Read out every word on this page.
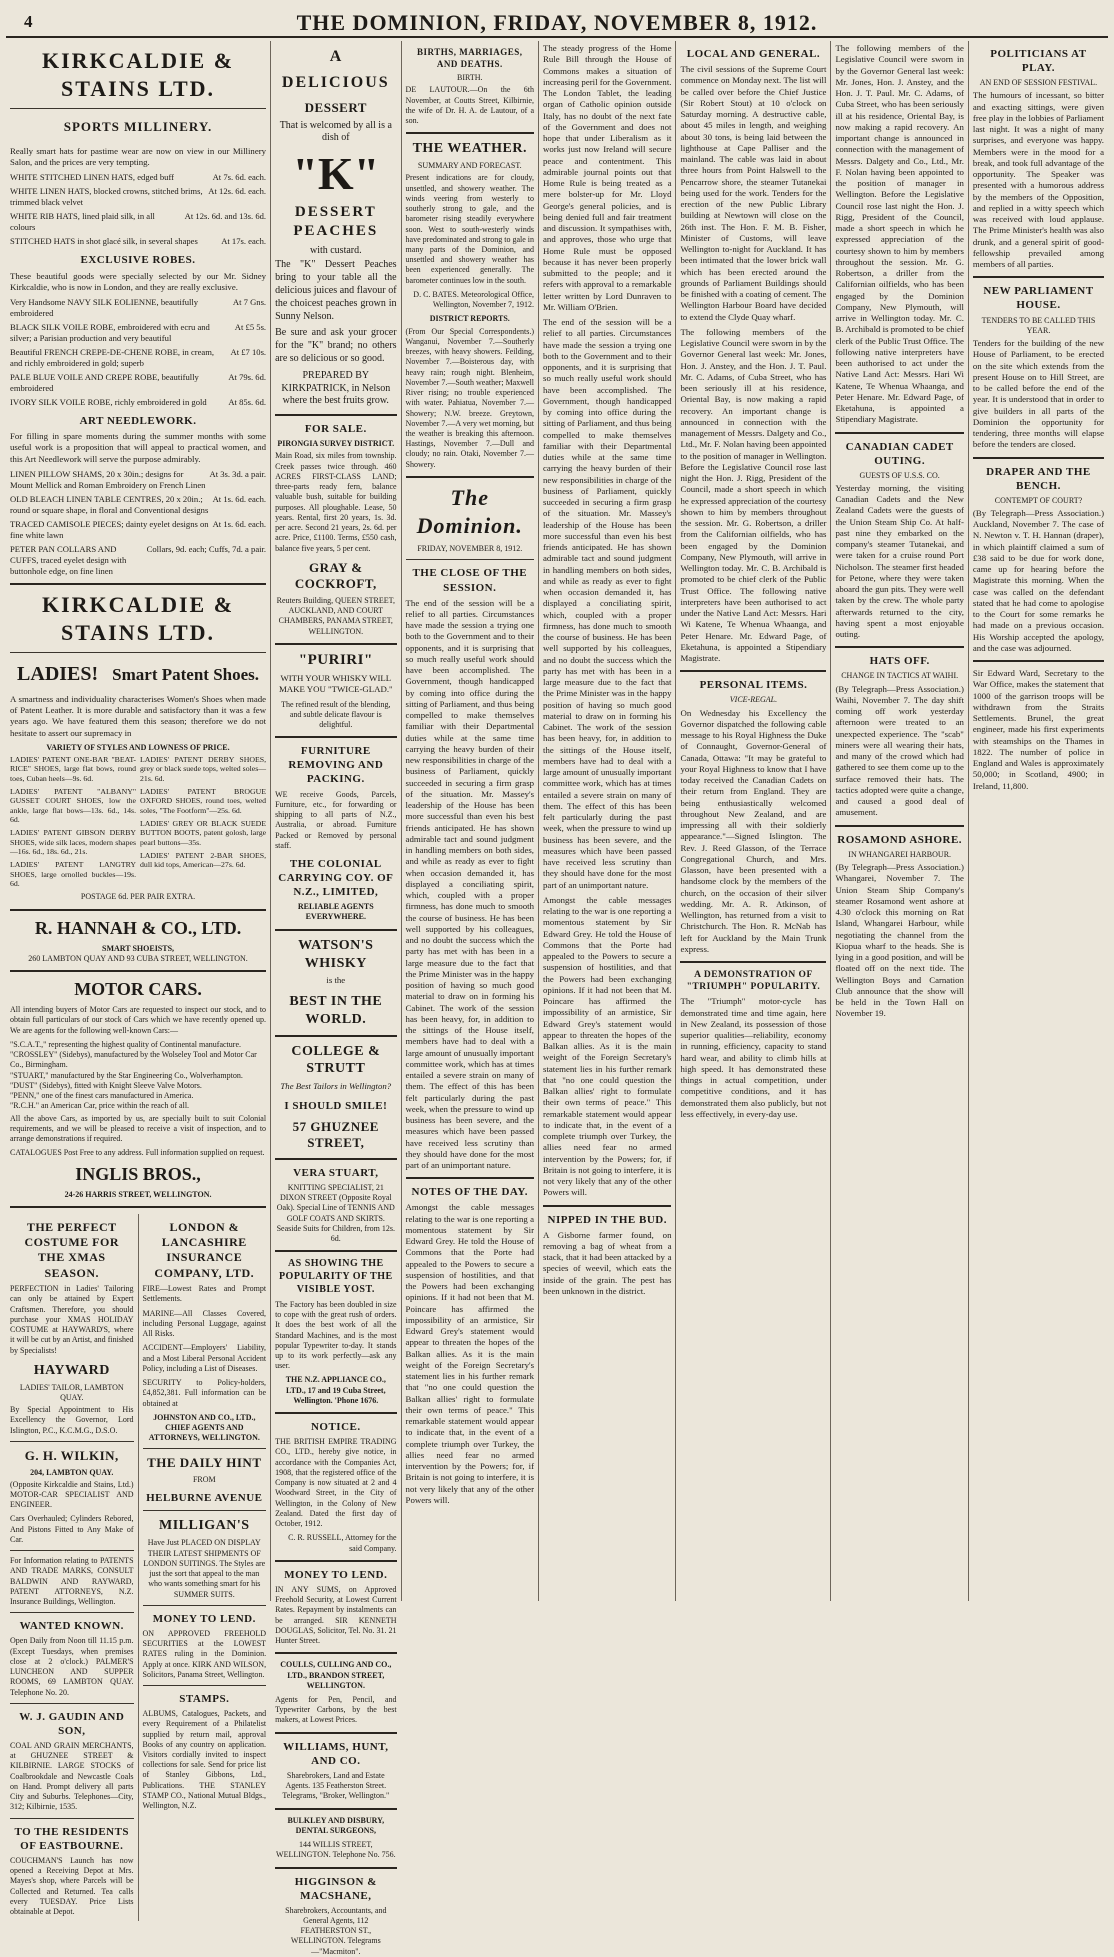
4	THE DOMINION, FRIDAY, NOVEMBER 8, 1912.
KIRKCALDIE & STAINS LTD.
SPORTS MILLINERY.

Really smart hats for pastime wear are now on view in our Millinery Salon, and the prices are very tempting.

WHITE STITCHED LINEN HATS, edged buff	At 7s. 6d. each.
WHITE LINEN HATS, blocked crowns, stitched brims, trimmed black velvet
At 12s. 6d. each.
WHITE RIB HATS, lined plaid silk, in all colours
At 12s. 6d. and 13s. 6d.
STITCHED HATS in shot glacé silk, in several shapes	At 17s. each.
EXCLUSIVE ROBES.

These beautiful goods were specially selected by our Mr. Sidney Kirkcaldie, who is now in London, and they are really exclusive.

Very Handsome NAVY SILK EOLIENNE, beautifully embroidered
At 7 Gns.
BLACK SILK VOILE ROBE, embroidered with ecru and silver; a Parisian production and very beautiful
At £5 5s.
Beautiful FRENCH CREPE-DE-CHENE ROBE, in cream, and richly embroidered in gold; superb
At £7 10s.
PALE BLUE VOILE AND CREPE ROBE, beautifully embroidered
At 79s. 6d.
IVORY SILK VOILE ROBE, richly embroidered in gold	At 85s. 6d.
ART NEEDLEWORK.

For filling in spare moments during the summer months with some useful work is a proposition that will appeal to practical women, and this Art Needlework will serve the purpose admirably.

LINEN PILLOW SHAMS, 20 x 30in.; designs for Mount Mellick and Roman Embroidery on French Linen
At 3s. 3d. a pair.
OLD BLEACH LINEN TABLE CENTRES, 20 x 20in.; round or square shape, in floral and Conventional designs
At 1s. 6d. each.
TRACED CAMISOLE PIECES; dainty eyelet designs on fine white lawn
At 1s. 6d. each.
PETER PAN COLLARS AND CUFFS, traced eyelet design with buttonhole edge, on fine linen
Collars, 9d. each; Cuffs, 7d. a pair.
KIRKCALDIE & STAINS LTD.
LADIES! Smart Patent Shoes.

A smartness and individuality characterises Women's Shoes when made of Patent Leather. It is more durable and satisfactory than it was a few years ago. We have featured them this season; therefore we do not hesitate to assert our supremacy in

VARIETY OF STYLES AND LOWNESS OF PRICE.

LADIES' PATENT ONE-BAR "BEAT-RICE" SHOES, large flat bows, round toes, Cuban heels—9s. 6d.

LADIES' PATENT "ALBANY" GUSSET COURT SHOES, low the ankle, large flat bows—13s. 6d., 14s. 6d.

LADIES' PATENT GIBSON DERBY SHOES, wide silk laces, modern shapes—16s. 6d., 18s. 6d., 21s.

LADIES' PATENT LANGTRY SHOES, large ornolled buckles—19s. 6d.

LADIES' PATENT DERBY SHOES, grey or black suede tops, welted soles—21s. 6d.

LADIES' PATENT BROGUE OXFORD SHOES, round toes, welted soles, "The Footform"—25s. 6d.

LADIES' GREY OR BLACK SUEDE BUTTON BOOTS, patent golosh, large pearl buttons—35s.

LADIES' PATENT 2-BAR SHOES, dull kid tops, American—27s. 6d.

POSTAGE 6d. PER PAIR EXTRA.
R. HANNAH & CO., LTD.
SMART SHOEISTS,
260 LAMBTON QUAY AND 93 CUBA STREET, WELLINGTON.
MOTOR CARS.

All intending buyers of Motor Cars are requested to inspect our stock, and to obtain full particulars of our stock of Cars which we have recently opened up. We are agents for the following well-known Cars:—

"S.C.A.T.," representing the highest quality of Continental manufacture.
"CROSSLEY" (Sidebys), manufactured by the Wolseley Tool and Motor Car Co., Birmingham.
"STUART," manufactured by the Star Engineering Co., Wolverhampton.
"DUST" (Sidebys), fitted with Knight Sleeve Valve Motors.
"PENN," one of the finest cars manufactured in America.
"R.C.H." an American Car, price within the reach of all.

All the above Cars, as imported by us, are specially built to suit Colonial requirements, and we will be pleased to receive a visit of inspection, and to arrange demonstrations if required.

CATALOGUES Post Free to any address. Full information supplied on request.

INGLIS BROS.,
24-26 HARRIS STREET, WELLINGTON.
THE PERFECT COSTUME FOR THE XMAS SEASON.

PERFECTION in Ladies' Tailoring can only be attained by Expert Craftsmen. Therefore, you should purchase your XMAS HOLIDAY COSTUME at HAYWARD'S, where it will be cut by an Artist, and finished by Specialists!

HAYWARD
LADIES' TAILOR, LAMBTON QUAY.

By Special Appointment to His Excellency the Governor, Lord Islington, P.C., K.C.M.G., D.S.O.

G. H. WILKIN,
204, LAMBTON QUAY.

(Opposite Kirkcaldie and Stains, Ltd.) MOTOR-CAR SPECIALIST AND ENGINEER.

Cars Overhauled; Cylinders Rebored, And Pistons Fitted to Any Make of Car.

For Information relating to PATENTS AND TRADE MARKS, CONSULT BALDWIN AND RAYWARD, PATENT ATTORNEYS, N.Z. Insurance Buildings, Wellington.

WANTED KNOWN.

Open Daily from Noon till 11.15 p.m. (Except Tuesdays, when premises close at 2 o'clock.) PALMER'S LUNCHEON AND SUPPER ROOMS, 69 LAMBTON QUAY. Telephone No. 20.

W. J. GAUDIN AND SON,

COAL AND GRAIN MERCHANTS, at GHUZNEE STREET & KILBIRNIE. LARGE STOCKS of Coalbrookdale and Newcastle Coals on Hand. Prompt delivery all parts City and Suburbs. Telephones—City, 312; Kilbirnie, 1535.

TO THE RESIDENTS OF EASTBOURNE.

COUCHMAN'S Launch has now opened a Receiving Depot at Mrs. Mayes's shop, where Parcels will be Collected and Returned. Tea calls every TUESDAY. Price Lists obtainable at Depot.

LONDON & LANCASHIRE INSURANCE COMPANY, LTD.

FIRE—Lowest Rates and Prompt Settlements.

MARINE—All Classes Covered, including Personal Luggage, against All Risks.

ACCIDENT—Employers' Liability, and a Most Liberal Personal Accident Policy, including a List of Diseases.

SECURITY to Policy-holders, £4,852,381. Full information can be obtained at

JOHNSTON AND CO., LTD., CHIEF AGENTS AND ATTORNEYS, WELLINGTON.

THE DAILY HINT
FROM
HELBURNE AVENUE
MILLIGAN'S

Have Just PLACED ON DISPLAY THEIR LATEST SHIPMENTS OF LONDON SUITINGS. The Styles are just the sort that appeal to the man who wants something smart for his SUMMER SUITS.

MONEY TO LEND.

ON APPROVED FREEHOLD SECURITIES at the LOWEST RATES ruling in the Dominion. Apply at once. KIRK AND WILSON, Solicitors, Panama Street, Wellington.

STAMPS.

ALBUMS, Catalogues, Packets, and every Requirement of a Philatelist supplied by return mail, approval Books of any country on application. Visitors cordially invited to inspect collections for sale. Send for price list of Stanley Gibbons, Ltd., Publications. THE STANLEY STAMP CO., National Mutual Bldgs., Wellington, N.Z.

A
DELICIOUS
DESSERT

That is welcomed by all is a dish of

"K"
DESSERT PEACHES
with custard.

The "K" Dessert Peaches bring to your table all the delicious juices and flavour of the choicest peaches grown in Sunny Nelson.

Be sure and ask your grocer for the "K" brand; no others are so delicious or so good.

PREPARED BY KIRKPATRICK, in Nelson where the best fruits grow.

FOR SALE.
PIRONGIA SURVEY DISTRICT.

Main Road, six miles from township. Creek passes twice through. 460 ACRES FIRST-CLASS LAND; three-parts ready fern, balance valuable bush, suitable for building purposes. All ploughable. Lease, 50 years. Rental, first 20 years, 1s. 3d. per acre. Second 21 years, 2s. 6d. per acre. Price, £1100. Terms, £550 cash, balance five years, 5 per cent.

GRAY & COCKROFT,

Reuters Building, QUEEN STREET, AUCKLAND, AND COURT CHAMBERS, PANAMA STREET, WELLINGTON.

"PURIRI"

WITH YOUR WHISKY WILL MAKE YOU "TWICE-GLAD."

The refined result of the blending, and subtle delicate flavour is delightful.

FURNITURE REMOVING AND PACKING.

WE receive Goods, Parcels, Furniture, etc., for forwarding or shipping to all parts of N.Z., Australia, or abroad. Furniture Packed or Removed by personal staff.

THE COLONIAL CARRYING COY. OF N.Z., LIMITED,
RELIABLE AGENTS EVERYWHERE.
WATSON'S WHISKY
is the
BEST IN THE WORLD.
COLLEGE & STRUTT
The Best Tailors in Wellington?
I SHOULD SMILE!
57 GHUZNEE STREET,
VERA STUART,

KNITTING SPECIALIST, 21 DIXON STREET (Opposite Royal Oak). Special Line of TENNIS AND GOLF COATS AND SKIRTS. Seaside Suits for Children, from 12s. 6d.

AS SHOWING THE POPULARITY OF THE VISIBLE YOST.

The Factory has been doubled in size to cope with the great rush of orders. It does the best work of all the Standard Machines, and is the most popular Typewriter to-day. It stands up to its work perfectly—ask any user.

THE N.Z. APPLIANCE CO., LTD., 17 and 19 Cuba Street, Wellington. 'Phone 1676.

NOTICE.

THE BRITISH EMPIRE TRADING CO., LTD., hereby give notice, in accordance with the Companies Act, 1908, that the registered office of the Company is now situated at 2 and 4 Woodward Street, in the City of Wellington, in the Colony of New Zealand. Dated the first day of October, 1912.

C. R. RUSSELL, Attorney for the said Company.

MONEY TO LEND.

IN ANY SUMS, on Approved Freehold Security, at Lowest Current Rates. Repayment by instalments can be arranged. SIR KENNETH DOUGLAS, Solicitor, Tel. No. 31. 21 Hunter Street.

COULLS, CULLING AND CO., LTD., BRANDON STREET, WELLINGTON.

Agents for Pen, Pencil, and Typewriter Carbons, by the best makers, at Lowest Prices.

WILLIAMS, HUNT, AND CO.

Sharebrokers, Land and Estate Agents. 135 Featherston Street. Telegrams, "Broker, Wellington."

BULKLEY AND DISBURY, DENTAL SURGEONS,

144 WILLIS STREET, WELLINGTON. Telephone No. 756.

HIGGINSON & MACSHANE,

Sharebrokers, Accountants, and General Agents, 112 FEATHERSTON ST., WELLINGTON. Telegrams—"Macmiton".

BIRTHS, MARRIAGES, AND DEATHS.
BIRTH.

DE LAUTOUR.—On the 6th November, at Coutts Street, Kilbirnie, the wife of Dr. H. A. de Lautour, of a son.

THE WEATHER.
SUMMARY AND FORECAST.

Present indications are for cloudy, unsettled, and showery weather. The winds veering from westerly to southerly strong to gale, and the barometer rising steadily everywhere soon. West to south-westerly winds have predominated and strong to gale in many parts of the Dominion, and unsettled and showery weather has been experienced generally. The barometer continues low in the south.

D. C. BATES. Meteorological Office, Wellington, November 7, 1912.

DISTRICT REPORTS.

(From Our Special Correspondents.) Wanganui, November 7.—Southerly breezes, with heavy showers. Feilding, November 7.—Boisterous day, with heavy rain; rough night. Blenheim, November 7.—South weather; Maxwell River rising; no trouble experienced with water. Pahiatua, November 7.—Showery; N.W. breeze. Greytown, November 7.—A very wet morning, but the weather is breaking this afternoon. Hastings, November 7.—Dull and cloudy; no rain. Otaki, November 7.—Showery.

The Dominion.
FRIDAY, NOVEMBER 8, 1912.
THE CLOSE OF THE SESSION.

The end of the session will be a relief to all parties. Circumstances have made the session a trying one both to the Government and to their opponents, and it is surprising that so much really useful work should have been accomplished. The Government, though handicapped by coming into office during the sitting of Parliament, and thus being compelled to make themselves familiar with their Departmental duties while at the same time carrying the heavy burden of their new responsibilities in charge of the business of Parliament, quickly succeeded in securing a firm grasp of the situation. Mr. Massey's leadership of the House has been more successful than even his best friends anticipated. He has shown admirable tact and sound judgment in handling members on both sides, and while as ready as ever to fight when occasion demanded it, has displayed a conciliating spirit, which, coupled with a proper firmness, has done much to smooth the course of business. He has been well supported by his colleagues, and no doubt the success which the party has met with has been in a large measure due to the fact that the Prime Minister was in the happy position of having so much good material to draw on in forming his Cabinet. The work of the session has been heavy, for, in addition to the sittings of the House itself, members have had to deal with a large amount of unusually important committee work, which has at times entailed a severe strain on many of them. The effect of this has been felt particularly during the past week, when the pressure to wind up business has been severe, and the measures which have been passed have received less scrutiny than they should have done for the most part of an unimportant nature.

NOTES OF THE DAY.

Amongst the cable messages relating to the war is one reporting a momentous statement by Sir Edward Grey. He told the House of Commons that the Porte had appealed to the Powers to secure a suspension of hostilities, and that the Powers had been exchanging opinions. If it had not been that M. Poincare has affirmed the impossibility of an armistice, Sir Edward Grey's statement would appear to threaten the hopes of the Balkan allies. As it is the main weight of the Foreign Secretary's statement lies in his further remark that "no one could question the Balkan allies' right to formulate their own terms of peace." This remarkable statement would appear to indicate that, in the event of a complete triumph over Turkey, the allies need fear no armed intervention by the Powers; for, if Britain is not going to interfere, it is not very likely that any of the other Powers will.

The steady progress of the Home Rule Bill through the House of Commons makes a situation of increasing peril for the Government. The London Tablet, the leading organ of Catholic opinion outside Italy, has no doubt of the next fate of the Government and does not hope that under Liberalism as it works just now Ireland will secure peace and contentment. This admirable journal points out that Home Rule is being treated as a mere bolster-up for Mr. Lloyd George's general policies, and is being denied full and fair treatment and discussion. It sympathises with, and approves, those who urge that Home Rule must be opposed because it has never been properly submitted to the people; and it refers with approval to a remarkable letter written by Lord Dunraven to Mr. William O'Brien.

The end of the session will be a relief to all parties. Circumstances have made the session a trying one both to the Government and to their opponents, and it is surprising that so much really useful work should have been accomplished. The Government, though handicapped by coming into office during the sitting of Parliament, and thus being compelled to make themselves familiar with their Departmental duties while at the same time carrying the heavy burden of their new responsibilities in charge of the business of Parliament, quickly succeeded in securing a firm grasp of the situation. Mr. Massey's leadership of the House has been more successful than even his best friends anticipated. He has shown admirable tact and sound judgment in handling members on both sides, and while as ready as ever to fight when occasion demanded it, has displayed a conciliating spirit, which, coupled with a proper firmness, has done much to smooth the course of business. He has been well supported by his colleagues, and no doubt the success which the party has met with has been in a large measure due to the fact that the Prime Minister was in the happy position of having so much good material to draw on in forming his Cabinet. The work of the session has been heavy, for, in addition to the sittings of the House itself, members have had to deal with a large amount of unusually important committee work, which has at times entailed a severe strain on many of them. The effect of this has been felt particularly during the past week, when the pressure to wind up business has been severe, and the measures which have been passed have received less scrutiny than they should have done for the most part of an unimportant nature.

Amongst the cable messages relating to the war is one reporting a momentous statement by Sir Edward Grey. He told the House of Commons that the Porte had appealed to the Powers to secure a suspension of hostilities, and that the Powers had been exchanging opinions. If it had not been that M. Poincare has affirmed the impossibility of an armistice, Sir Edward Grey's statement would appear to threaten the hopes of the Balkan allies. As it is the main weight of the Foreign Secretary's statement lies in his further remark that "no one could question the Balkan allies' right to formulate their own terms of peace." This remarkable statement would appear to indicate that, in the event of a complete triumph over Turkey, the allies need fear no armed intervention by the Powers; for, if Britain is not going to interfere, it is not very likely that any of the other Powers will.

NIPPED IN THE BUD.

A Gisborne farmer found, on removing a bag of wheat from a stack, that it had been attacked by a species of weevil, which eats the inside of the grain. The pest has been unknown in the district.

LOCAL AND GENERAL.

The civil sessions of the Supreme Court commence on Monday next. The list will be called over before the Chief Justice (Sir Robert Stout) at 10 o'clock on Saturday morning. A destructive cable, about 45 miles in length, and weighing about 30 tons, is being laid between the lighthouse at Cape Palliser and the mainland. The cable was laid in about three hours from Point Halswell to the Pencarrow shore, the steamer Tutanekai being used for the work. Tenders for the erection of the new Public Library building at Newtown will close on the 26th inst. The Hon. F. M. B. Fisher, Minister of Customs, will leave Wellington to-night for Auckland. It has been intimated that the lower brick wall which has been erected around the grounds of Parliament Buildings should be finished with a coating of cement. The Wellington Harbour Board have decided to extend the Clyde Quay wharf.

The following members of the Legislative Council were sworn in by the Governor General last week: Mr. Jones, Hon. J. Anstey, and the Hon. J. T. Paul. Mr. C. Adams, of Cuba Street, who has been seriously ill at his residence, Oriental Bay, is now making a rapid recovery. An important change is announced in connection with the management of Messrs. Dalgety and Co., Ltd., Mr. F. Nolan having been appointed to the position of manager in Wellington. Before the Legislative Council rose last night the Hon. J. Rigg, President of the Council, made a short speech in which he expressed appreciation of the courtesy shown to him by members throughout the session. Mr. G. Robertson, a driller from the Californian oilfields, who has been engaged by the Dominion Company, New Plymouth, will arrive in Wellington today. Mr. C. B. Archibald is promoted to be chief clerk of the Public Trust Office. The following native interpreters have been authorised to act under the Native Land Act: Messrs. Hari Wi Katene, Te Whenua Whaanga, and Peter Henare. Mr. Edward Page, of Eketahuna, is appointed a Stipendiary Magistrate.

PERSONAL ITEMS.
VICE-REGAL.

On Wednesday his Excellency the Governor dispatched the following cable message to his Royal Highness the Duke of Connaught, Governor-General of Canada, Ottawa: "It may be grateful to your Royal Highness to know that I have today received the Canadian Cadets on their return from England. They are being enthusiastically welcomed throughout New Zealand, and are impressing all with their soldierly appearance."—Signed Islington. The Rev. J. Reed Glasson, of the Terrace Congregational Church, and Mrs. Glasson, have been presented with a handsome clock by the members of the church, on the occasion of their silver wedding. Mr. A. R. Atkinson, of Wellington, has returned from a visit to Christchurch. The Hon. R. McNab has left for Auckland by the Main Trunk express.

A DEMONSTRATION OF "TRIUMPH" POPULARITY.

The "Triumph" motor-cycle has demonstrated time and time again, here in New Zealand, its possession of those superior qualities—reliability, economy in running, efficiency, capacity to stand hard wear, and ability to climb hills at high speed. It has demonstrated these things in actual competition, under competitive conditions, and it has demonstrated them also publicly, but not less effectively, in every-day use.

The following members of the Legislative Council were sworn in by the Governor General last week: Mr. Jones, Hon. J. Anstey, and the Hon. J. T. Paul. Mr. C. Adams, of Cuba Street, who has been seriously ill at his residence, Oriental Bay, is now making a rapid recovery. An important change is announced in connection with the management of Messrs. Dalgety and Co., Ltd., Mr. F. Nolan having been appointed to the position of manager in Wellington. Before the Legislative Council rose last night the Hon. J. Rigg, President of the Council, made a short speech in which he expressed appreciation of the courtesy shown to him by members throughout the session. Mr. G. Robertson, a driller from the Californian oilfields, who has been engaged by the Dominion Company, New Plymouth, will arrive in Wellington today. Mr. C. B. Archibald is promoted to be chief clerk of the Public Trust Office. The following native interpreters have been authorised to act under the Native Land Act: Messrs. Hari Wi Katene, Te Whenua Whaanga, and Peter Henare. Mr. Edward Page, of Eketahuna, is appointed a Stipendiary Magistrate.

CANADIAN CADET OUTING.
GUESTS OF U.S.S. CO.

Yesterday morning, the visiting Canadian Cadets and the New Zealand Cadets were the guests of the Union Steam Ship Co. At half-past nine they embarked on the company's steamer Tutanekai, and were taken for a cruise round Port Nicholson. The steamer first headed for Petone, where they were taken aboard the gun pits. They were well taken by the crew. The whole party afterwards returned to the city, having spent a most enjoyable outing.

HATS OFF.
CHANGE IN TACTICS AT WAIHI.

(By Telegraph—Press Association.) Waihi, November 7. The day shift coming off work yesterday afternoon were treated to an unexpected experience. The "scab" miners were all wearing their hats, and many of the crowd which had gathered to see them come up to the surface removed their hats. The tactics adopted were quite a change, and caused a good deal of amusement.

ROSAMOND ASHORE.
IN WHANGAREI HARBOUR.

(By Telegraph—Press Association.) Whangarei, November 7. The Union Steam Ship Company's steamer Rosamond went ashore at 4.30 o'clock this morning on Rat Island, Whangarei Harbour, while negotiating the channel from the Kiopua wharf to the heads. She is lying in a good position, and will be floated off on the next tide. The Wellington Boys and Carnation Club announce that the show will be held in the Town Hall on November 19.

POLITICIANS AT PLAY.
AN END OF SESSION FESTIVAL.

The humours of incessant, so bitter and exacting sittings, were given free play in the lobbies of Parliament last night. It was a night of many surprises, and everyone was happy. Members were in the mood for a break, and took full advantage of the opportunity. The Speaker was presented with a humorous address by the members of the Opposition, and replied in a witty speech which was received with loud applause. The Prime Minister's health was also drunk, and a general spirit of good-fellowship prevailed among members of all parties.

NEW PARLIAMENT HOUSE.
TENDERS TO BE CALLED THIS YEAR.

Tenders for the building of the new House of Parliament, to be erected on the site which extends from the present House on to Hill Street, are to be called before the end of the year. It is understood that in order to give builders in all parts of the Dominion the opportunity for tendering, three months will elapse before the tenders are closed.

DRAPER AND THE BENCH.
CONTEMPT OF COURT?

(By Telegraph—Press Association.) Auckland, November 7. The case of N. Newton v. T. H. Hannan (draper), in which plaintiff claimed a sum of £38 said to be due for work done, came up for hearing before the Magistrate this morning. When the case was called on the defendant stated that he had come to apologise to the Court for some remarks he had made on a previous occasion. His Worship accepted the apology, and the case was adjourned.

Sir Edward Ward, Secretary to the War Office, makes the statement that 1000 of the garrison troops will be withdrawn from the Straits Settlements. Brunel, the great engineer, made his first experiments with steamships on the Thames in 1822. The number of police in England and Wales is approximately 50,000; in Scotland, 4900; in Ireland, 11,800.
